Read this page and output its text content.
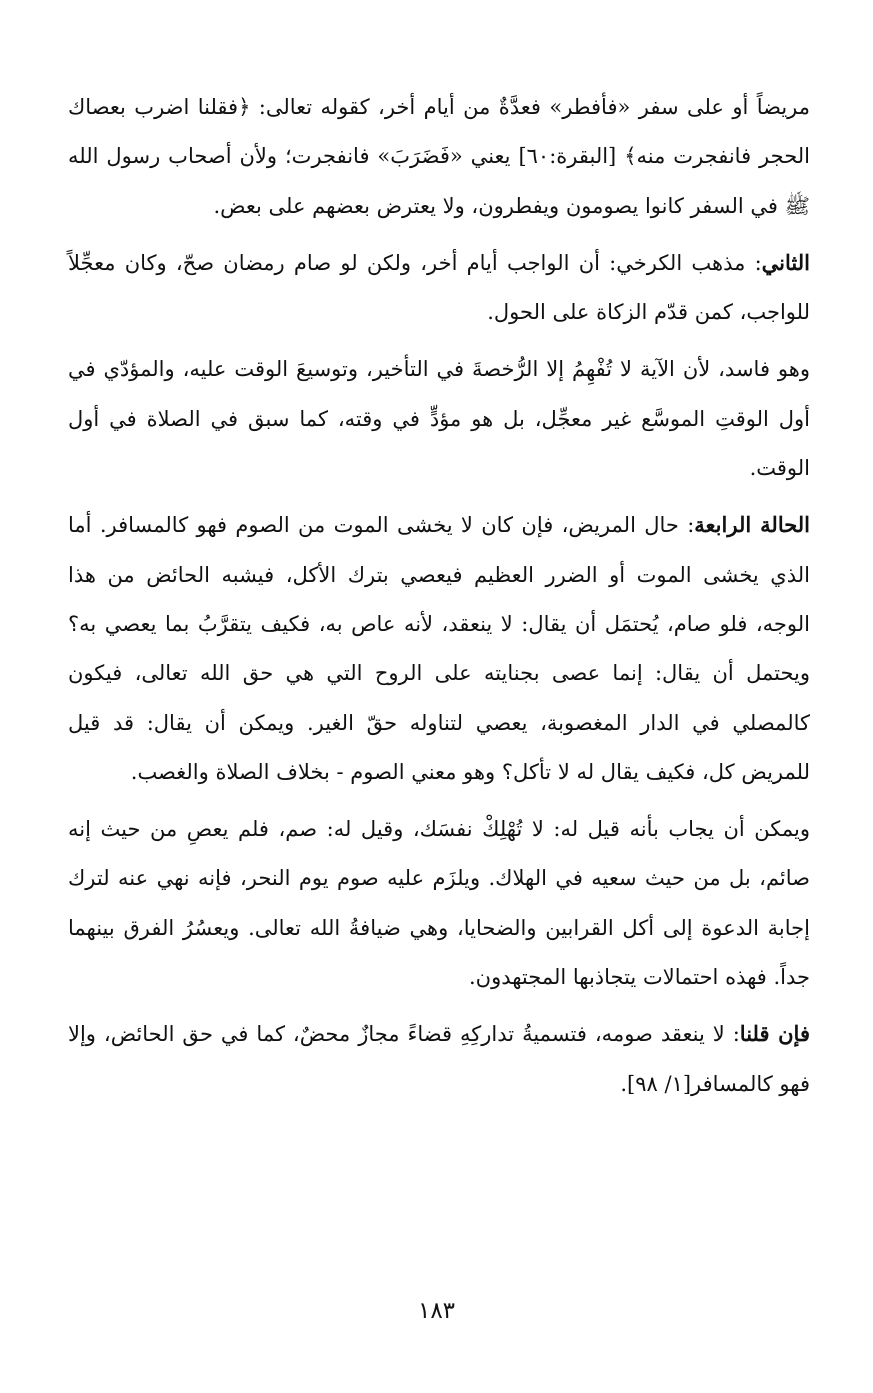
مريضاً أو على سفر «فأفطر» فعدَّةٌ من أيام أخر، كقوله تعالى: ﴿فقلنا اضرب بعصاك الحجر فانفجرت منه﴾ [البقرة:٦٠] يعني «فَضَرَبَ» فانفجرت؛ ولأن أصحاب رسول الله ﷺ في السفر كانوا يصومون ويفطرون، ولا يعترض بعضهم على بعض.

الثاني: مذهب الكرخي: أن الواجب أيام أخر، ولكن لو صام رمضان صحّ، وكان معجِّلاً للواجب، كمن قدّم الزكاة على الحول.

وهو فاسد، لأن الآية لا تُفْهِمُ إلا الرُّخصةَ في التأخير، وتوسيعَ الوقت عليه، والمؤدّي في أول الوقتِ الموسَّع غير معجِّل، بل هو مؤدٍّ في وقته، كما سبق في الصلاة في أول الوقت.

الحالة الرابعة: حال المريض، فإن كان لا يخشى الموت من الصوم فهو كالمسافر. أما الذي يخشى الموت أو الضرر العظيم فيعصي بترك الأكل، فيشبه الحائض من هذا الوجه، فلو صام، يُحتمَل أن يقال: لا ينعقد، لأنه عاص به، فكيف يتقرَّبُ بما يعصي به؟ ويحتمل أن يقال: إنما عصى بجنايته على الروح التي هي حق الله تعالى، فيكون كالمصلي في الدار المغصوبة، يعصي لتناوله حقّ الغير. ويمكن أن يقال: قد قيل للمريض كل، فكيف يقال له لا تأكل؟ وهو معني الصوم - بخلاف الصلاة والغصب.

ويمكن أن يجاب بأنه قيل له: لا تُهْلِكْ نفسَك، وقيل له: صم، فلم يعصِ من حيث إنه صائم، بل من حيث سعيه في الهلاك. ويلزَم عليه صوم يوم النحر، فإنه نهي عنه لترك إجابة الدعوة إلى أكل القرابين والضحايا، وهي ضيافةُ الله تعالى. ويعسُرُ الفرق بينهما جداً. فهذه احتمالات يتجاذبها المجتهدون.

فإن قلنا: لا ينعقد صومه، فتسميةُ تداركِهِ قضاءً مجازٌ محضٌ، كما في حق الحائض، وإلا فهو كالمسافر[١/ ٩٨].

١٨٣
